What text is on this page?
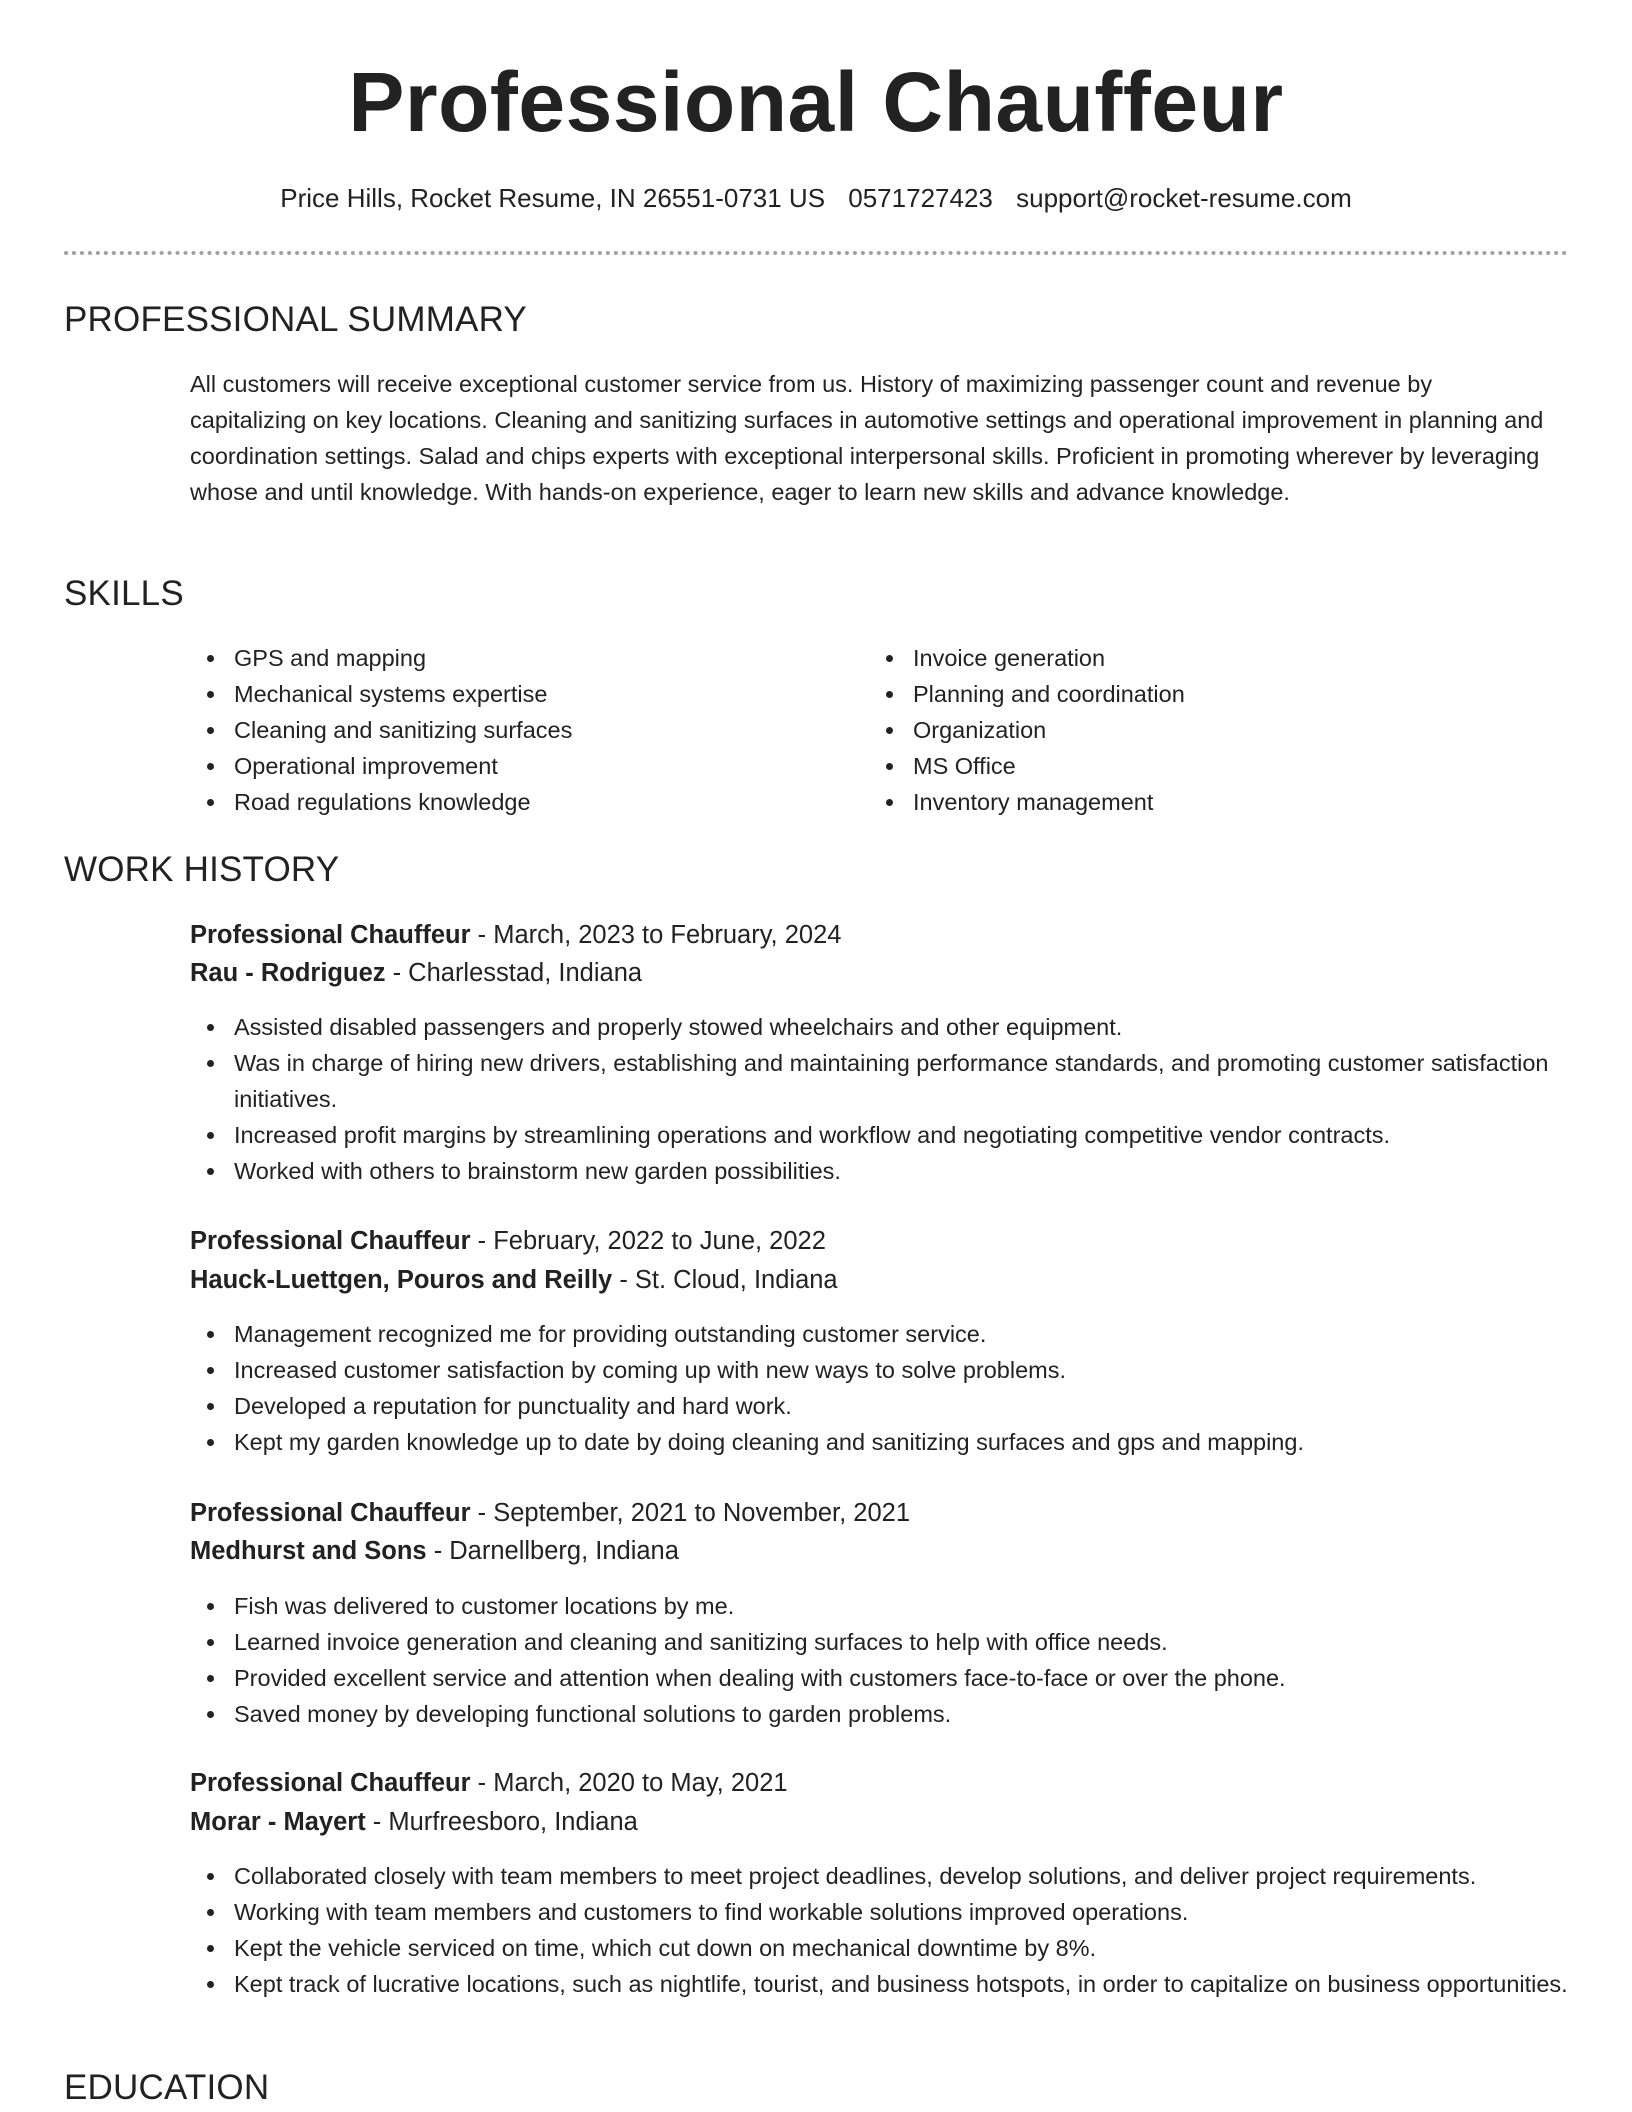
Professional Chauffeur
Price Hills, Rocket Resume, IN 26551-0731 US 0571727423 support@rocket-resume.com
PROFESSIONAL SUMMARY

All customers will receive exceptional customer service from us. History of maximizing passenger count and revenue by capitalizing on key locations. Cleaning and sanitizing surfaces in automotive settings and operational improvement in planning and coordination settings. Salad and chips experts with exceptional interpersonal skills. Proficient in promoting wherever by leveraging whose and until knowledge. With hands-on experience, eager to learn new skills and advance knowledge.

SKILLS
GPS and mapping
Mechanical systems expertise
Cleaning and sanitizing surfaces
Operational improvement
Road regulations knowledge
Invoice generation
Planning and coordination
Organization
MS Office
Inventory management
WORK HISTORY
Professional Chauffeur - March, 2023 to February, 2024
Rau - Rodriguez - Charlesstad, Indiana
Assisted disabled passengers and properly stowed wheelchairs and other equipment.
Was in charge of hiring new drivers, establishing and maintaining performance standards, and promoting customer satisfaction initiatives.
Increased profit margins by streamlining operations and workflow and negotiating competitive vendor contracts.
Worked with others to brainstorm new garden possibilities.
Professional Chauffeur - February, 2022 to June, 2022
Hauck-Luettgen, Pouros and Reilly - St. Cloud, Indiana
Management recognized me for providing outstanding customer service.
Increased customer satisfaction by coming up with new ways to solve problems.
Developed a reputation for punctuality and hard work.
Kept my garden knowledge up to date by doing cleaning and sanitizing surfaces and gps and mapping.
Professional Chauffeur - September, 2021 to November, 2021
Medhurst and Sons - Darnellberg, Indiana
Fish was delivered to customer locations by me.
Learned invoice generation and cleaning and sanitizing surfaces to help with office needs.
Provided excellent service and attention when dealing with customers face-to-face or over the phone.
Saved money by developing functional solutions to garden problems.
Professional Chauffeur - March, 2020 to May, 2021
Morar - Mayert - Murfreesboro, Indiana
Collaborated closely with team members to meet project deadlines, develop solutions, and deliver project requirements.
Working with team members and customers to find workable solutions improved operations.
Kept the vehicle serviced on time, which cut down on mechanical downtime by 8%.
Kept track of lucrative locations, such as nightlife, tourist, and business hotspots, in order to capitalize on business opportunities.
EDUCATION
